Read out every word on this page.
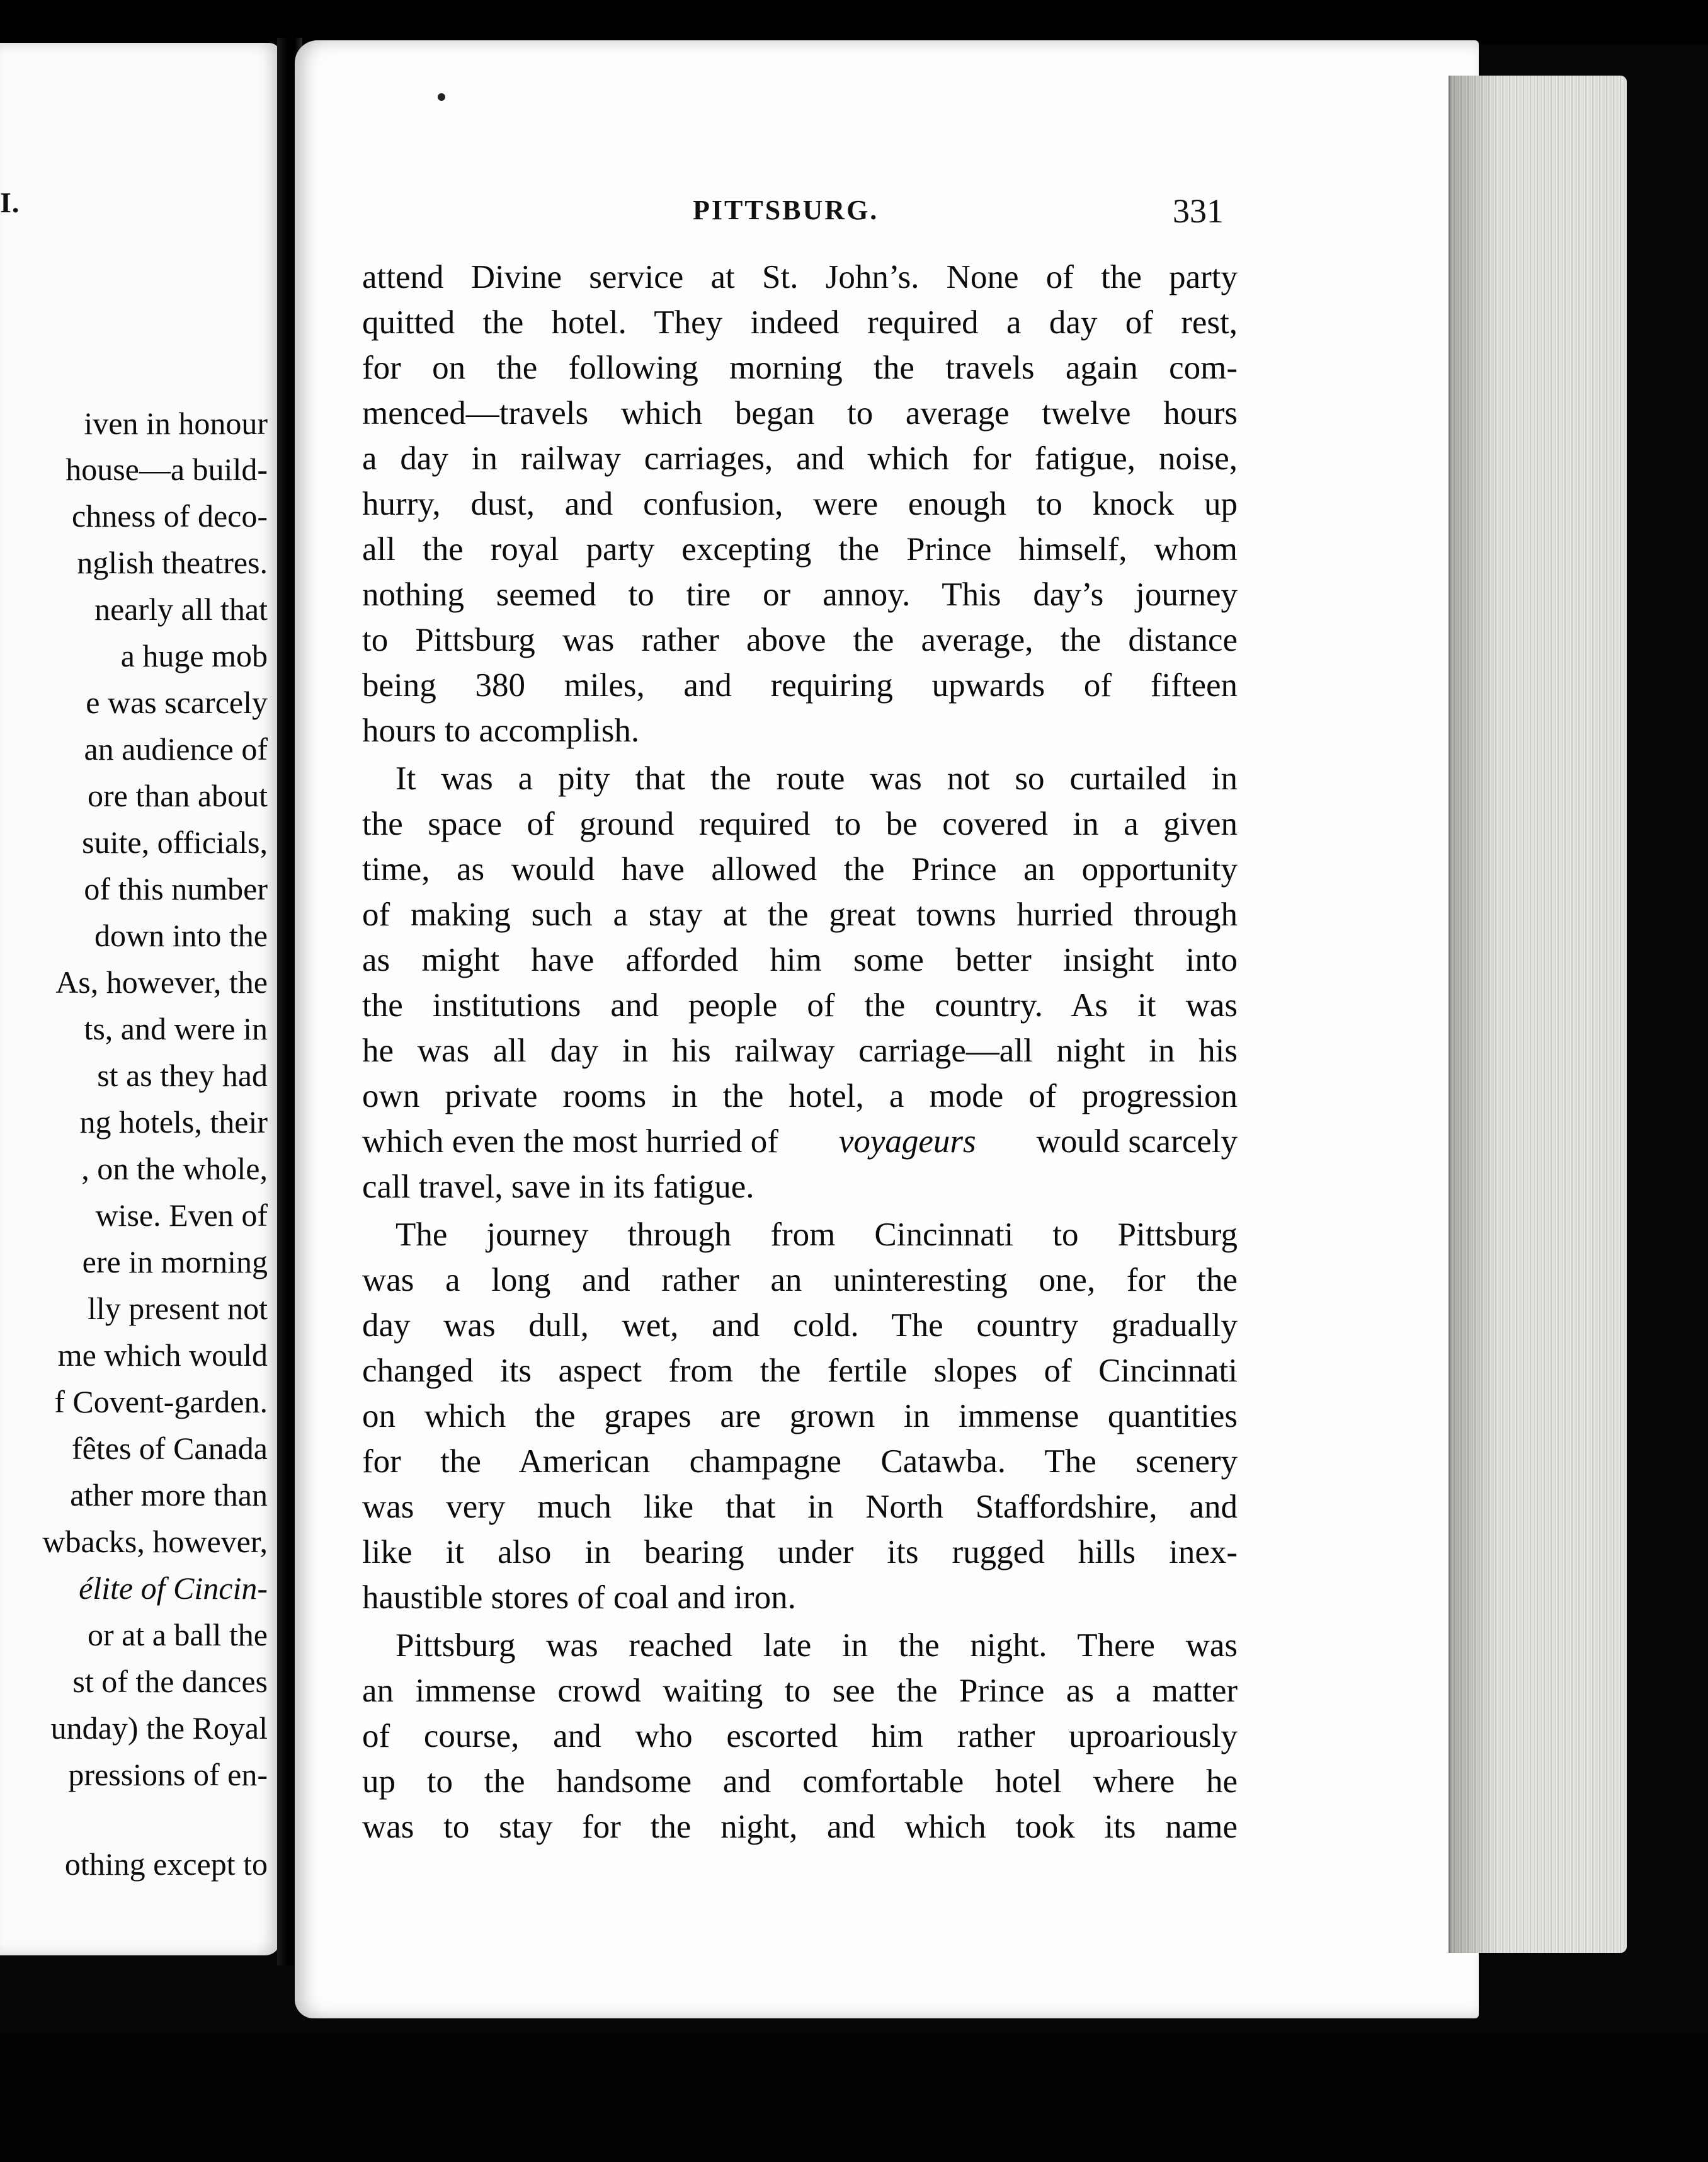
I.
iven in honour
house—a build-
chness of deco-
nglish theatres.
nearly all that
a huge mob
e was scarcely
an audience of
ore than about
suite, officials,
of this number
down into the
As, however, the
ts, and were in
st as they had
ng hotels, their
, on the whole,
wise. Even of
ere in morning
lly present not
me which would
f Covent-garden.
fêtes of Canada
ather more than
wbacks, however,
élite of Cincin-
or at a ball the
st of the dances
unday) the Royal
pressions of en-
othing except to
PITTSBURG.	331
attend Divine service at St. John’s. None of the party
quitted the hotel. They indeed required a day of rest,
for on the following morning the travels again com-
menced—travels which began to average twelve hours
a day in railway carriages, and which for fatigue, noise,
hurry, dust, and confusion, were enough to knock up
all the royal party excepting the Prince himself, whom
nothing seemed to tire or annoy. This day’s journey
to Pittsburg was rather above the average, the distance
being 380 miles, and requiring upwards of fifteen
hours to accomplish.
It was a pity that the route was not so curtailed in
the space of ground required to be covered in a given
time, as would have allowed the Prince an opportunity
of making such a stay at the great towns hurried through
as might have afforded him some better insight into
the institutions and people of the country. As it was
he was all day in his railway carriage—all night in his
own private rooms in the hotel, a mode of progression
which even the most hurried of voyageurs would scarcely
call travel, save in its fatigue.
The journey through from Cincinnati to Pittsburg
was a long and rather an uninteresting one, for the
day was dull, wet, and cold. The country gradually
changed its aspect from the fertile slopes of Cincinnati
on which the grapes are grown in immense quantities
for the American champagne Catawba. The scenery
was very much like that in North Staffordshire, and
like it also in bearing under its rugged hills inex-
haustible stores of coal and iron.
Pittsburg was reached late in the night. There was
an immense crowd waiting to see the Prince as a matter
of course, and who escorted him rather uproariously
up to the handsome and comfortable hotel where he
was to stay for the night, and which took its name
